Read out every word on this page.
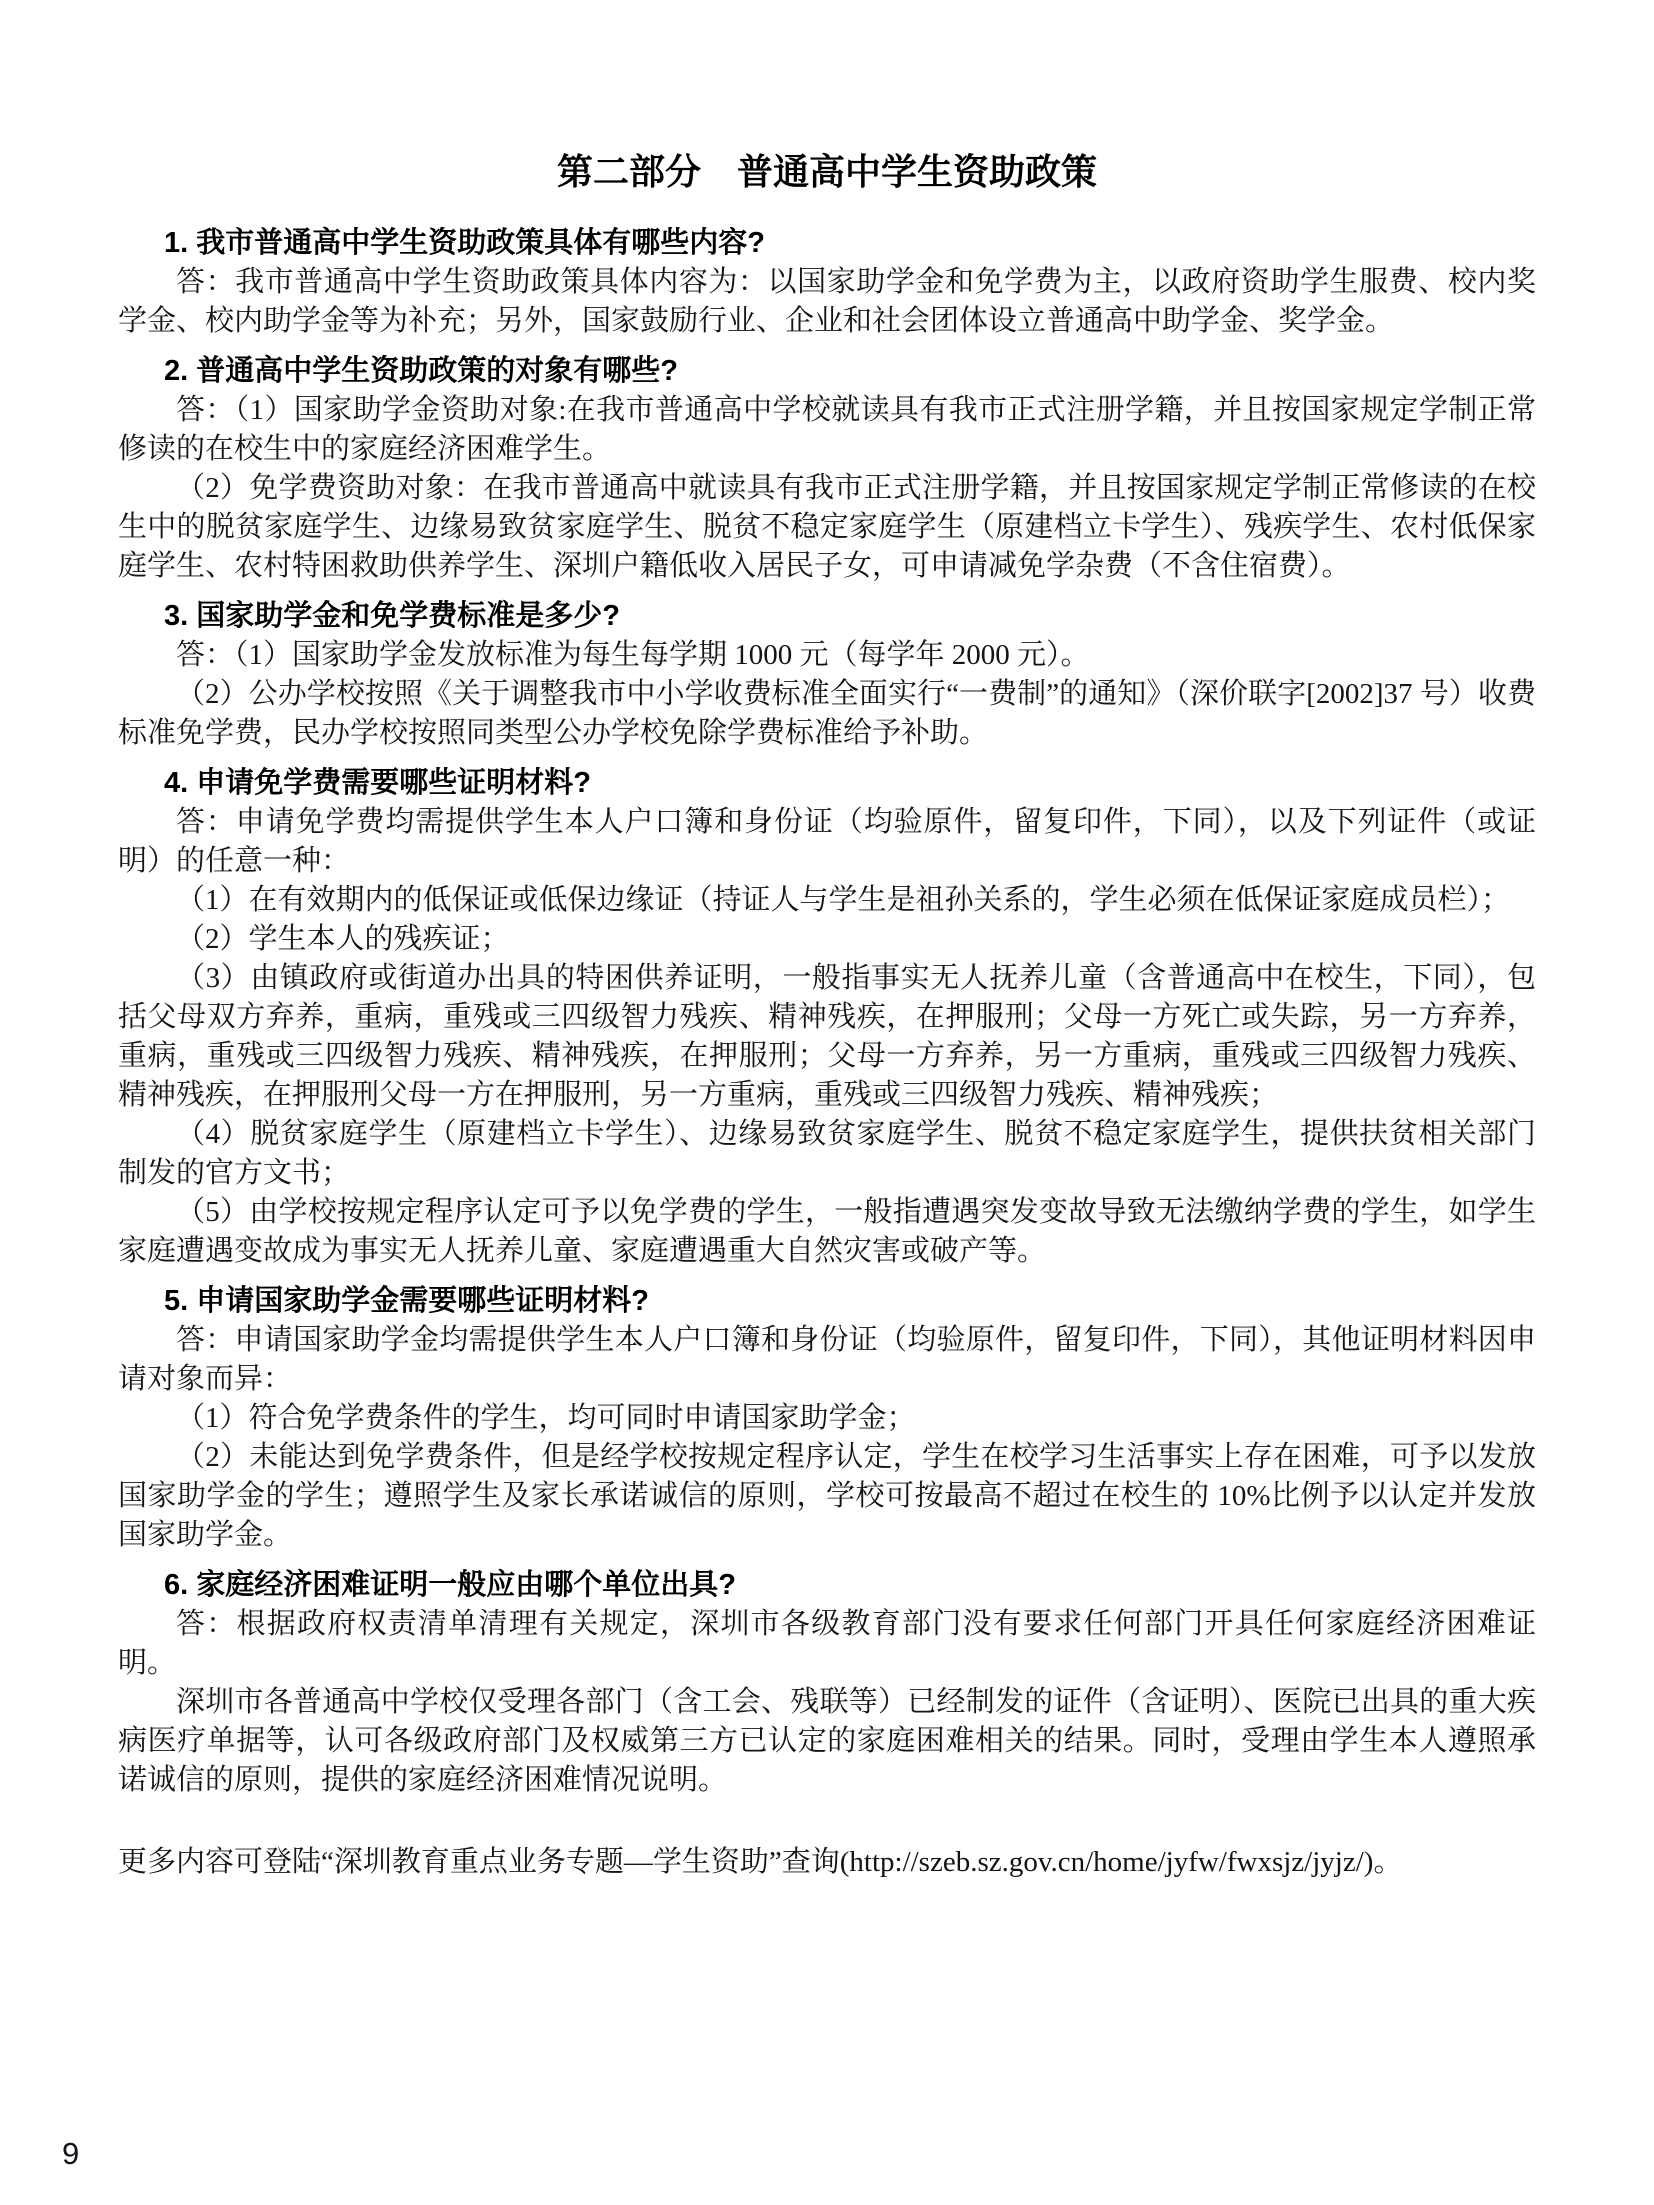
第二部分　普通高中学生资助政策
1. 我市普通高中学生资助政策具体有哪些内容?

答：我市普通高中学生资助政策具体内容为：以国家助学金和免学费为主，以政府资助学生服费、校内奖学金、校内助学金等为补充；另外，国家鼓励行业、企业和社会团体设立普通高中助学金、奖学金。

2. 普通高中学生资助政策的对象有哪些?

答：（1）国家助学金资助对象:在我市普通高中学校就读具有我市正式注册学籍，并且按国家规定学制正常修读的在校生中的家庭经济困难学生。

（2）免学费资助对象：在我市普通高中就读具有我市正式注册学籍，并且按国家规定学制正常修读的在校生中的脱贫家庭学生、边缘易致贫家庭学生、脱贫不稳定家庭学生（原建档立卡学生）、残疾学生、农村低保家庭学生、农村特困救助供养学生、深圳户籍低收入居民子女，可申请减免学杂费（不含住宿费）。

3. 国家助学金和免学费标准是多少?

答：（1）国家助学金发放标准为每生每学期 1000 元（每学年 2000 元）。

（2）公办学校按照《关于调整我市中小学收费标准全面实行“一费制”的通知》（深价联字[2002]37 号）收费标准免学费，民办学校按照同类型公办学校免除学费标准给予补助。

4. 申请免学费需要哪些证明材料?

答：申请免学费均需提供学生本人户口簿和身份证（均验原件，留复印件，下同），以及下列证件（或证明）的任意一种：

（1）在有效期内的低保证或低保边缘证（持证人与学生是祖孙关系的，学生必须在低保证家庭成员栏）；

（2）学生本人的残疾证；

（3）由镇政府或街道办出具的特困供养证明，一般指事实无人抚养儿童（含普通高中在校生，下同），包括父母双方弃养，重病，重残或三四级智力残疾、精神残疾，在押服刑；父母一方死亡或失踪，另一方弃养，重病，重残或三四级智力残疾、精神残疾，在押服刑；父母一方弃养，另一方重病，重残或三四级智力残疾、精神残疾，在押服刑父母一方在押服刑，另一方重病，重残或三四级智力残疾、精神残疾；

（4）脱贫家庭学生（原建档立卡学生）、边缘易致贫家庭学生、脱贫不稳定家庭学生，提供扶贫相关部门制发的官方文书；

（5）由学校按规定程序认定可予以免学费的学生，一般指遭遇突发变故导致无法缴纳学费的学生，如学生家庭遭遇变故成为事实无人抚养儿童、家庭遭遇重大自然灾害或破产等。

5. 申请国家助学金需要哪些证明材料?

答：申请国家助学金均需提供学生本人户口簿和身份证（均验原件，留复印件，下同），其他证明材料因申请对象而异：

（1）符合免学费条件的学生，均可同时申请国家助学金；

（2）未能达到免学费条件，但是经学校按规定程序认定，学生在校学习生活事实上存在困难，可予以发放国家助学金的学生；遵照学生及家长承诺诚信的原则，学校可按最高不超过在校生的 10%比例予以认定并发放国家助学金。

6. 家庭经济困难证明一般应由哪个单位出具?

答：根据政府权责清单清理有关规定，深圳市各级教育部门没有要求任何部门开具任何家庭经济困难证明。

深圳市各普通高中学校仅受理各部门（含工会、残联等）已经制发的证件（含证明）、医院已出具的重大疾病医疗单据等，认可各级政府部门及权威第三方已认定的家庭困难相关的结果。同时，受理由学生本人遵照承诺诚信的原则，提供的家庭经济困难情况说明。

更多内容可登陆“深圳教育重点业务专题—学生资助”查询(http://szeb.sz.gov.cn/home/jyfw/fwxsjz/jyjz/)。

9
